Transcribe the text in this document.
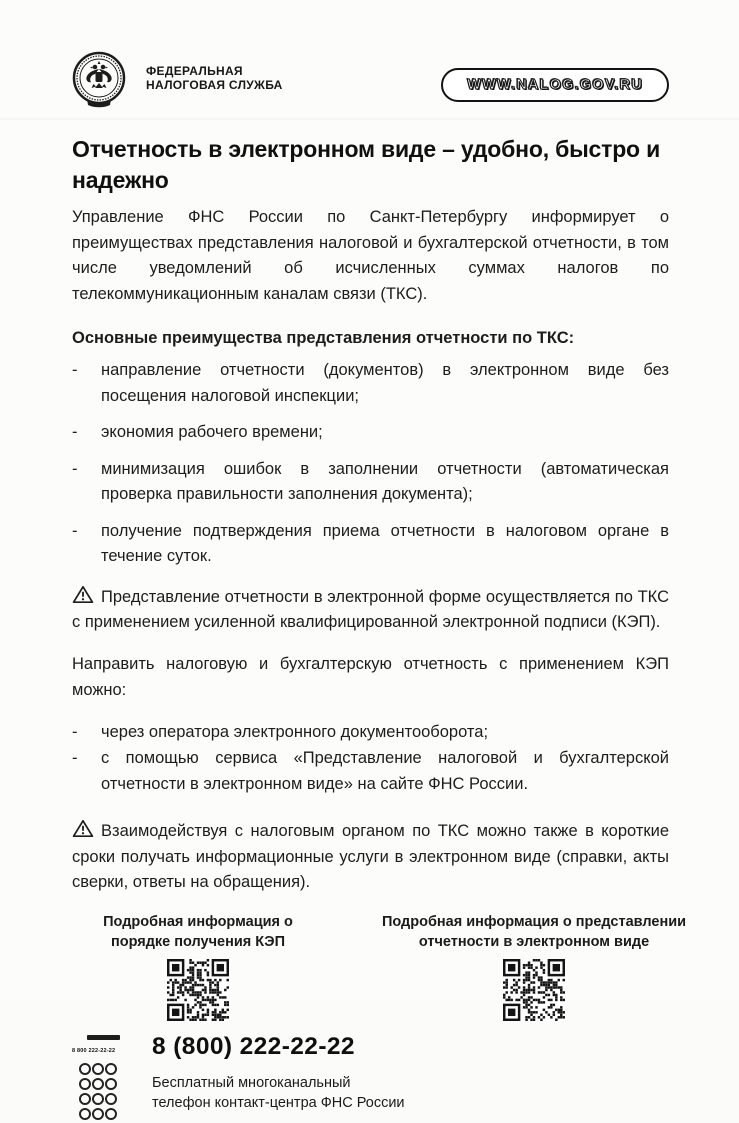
ФЕДЕРАЛЬНАЯ
НАЛОГОВАЯ СЛУЖБА	WWW.NALOG.GOV.RU
Отчетность в электронном виде – удобно, быстро и надежно

Управление ФНС России по Санкт-Петербургу информирует о преимуществах представления налоговой и бухгалтерской отчетности, в том числе уведомлений об исчисленных суммах налогов по телекоммуникационным каналам связи (ТКС).

Основные преимущества представления отчетности по ТКС:
-	направление отчетности (документов) в электронном виде без посещения налоговой инспекции;
-	экономия рабочего времени;
-	минимизация ошибок в заполнении отчетности (автоматическая проверка правильности заполнения документа);
-	получение подтверждения приема отчетности в налоговом органе в течение суток.

Представление отчетности в электронной форме осуществляется по ТКС с применением усиленной квалифицированной электронной подписи (КЭП).

Направить налоговую и бухгалтерскую отчетность с применением КЭП можно:

-	через оператора электронного документооборота;
-	с помощью сервиса «Представление налоговой и бухгалтерской отчетности в электронном виде» на сайте ФНС России.

Взаимодействуя с налоговым органом по ТКС можно также в короткие сроки получать информационные услуги в электронном виде (справки, акты сверки, ответы на обращения).

Подробная информация о порядке получения КЭП
Подробная информация о представлении отчетности в электронном виде
8 800 222-22-22	8 (800) 222-22-22
Бесплатный многоканальный телефон контакт-центра ФНС России
